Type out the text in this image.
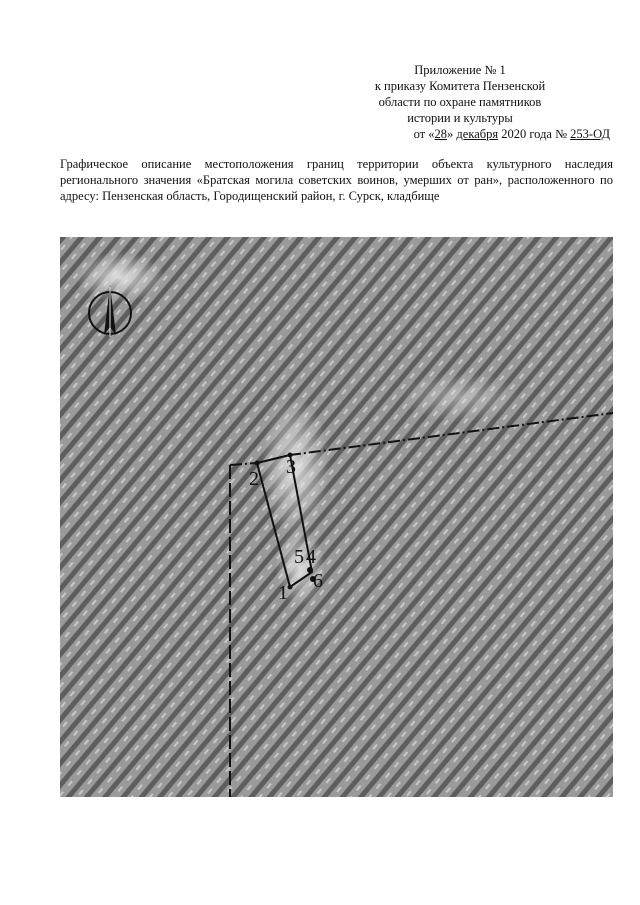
Приложение № 1
к приказу Комитета Пензенской
области по охране памятников
истории и культуры
от «28» декабря 2020 года № 253-ОД
Графическое описание местоположения границ территории объекта культурного наследия регионального значения «Братская могила советских воинов, умерших от ран», расположенного по адресу: Пензенская область, Городищенский район, г. Сурск, кладбище
1
2
3
5 4
6
